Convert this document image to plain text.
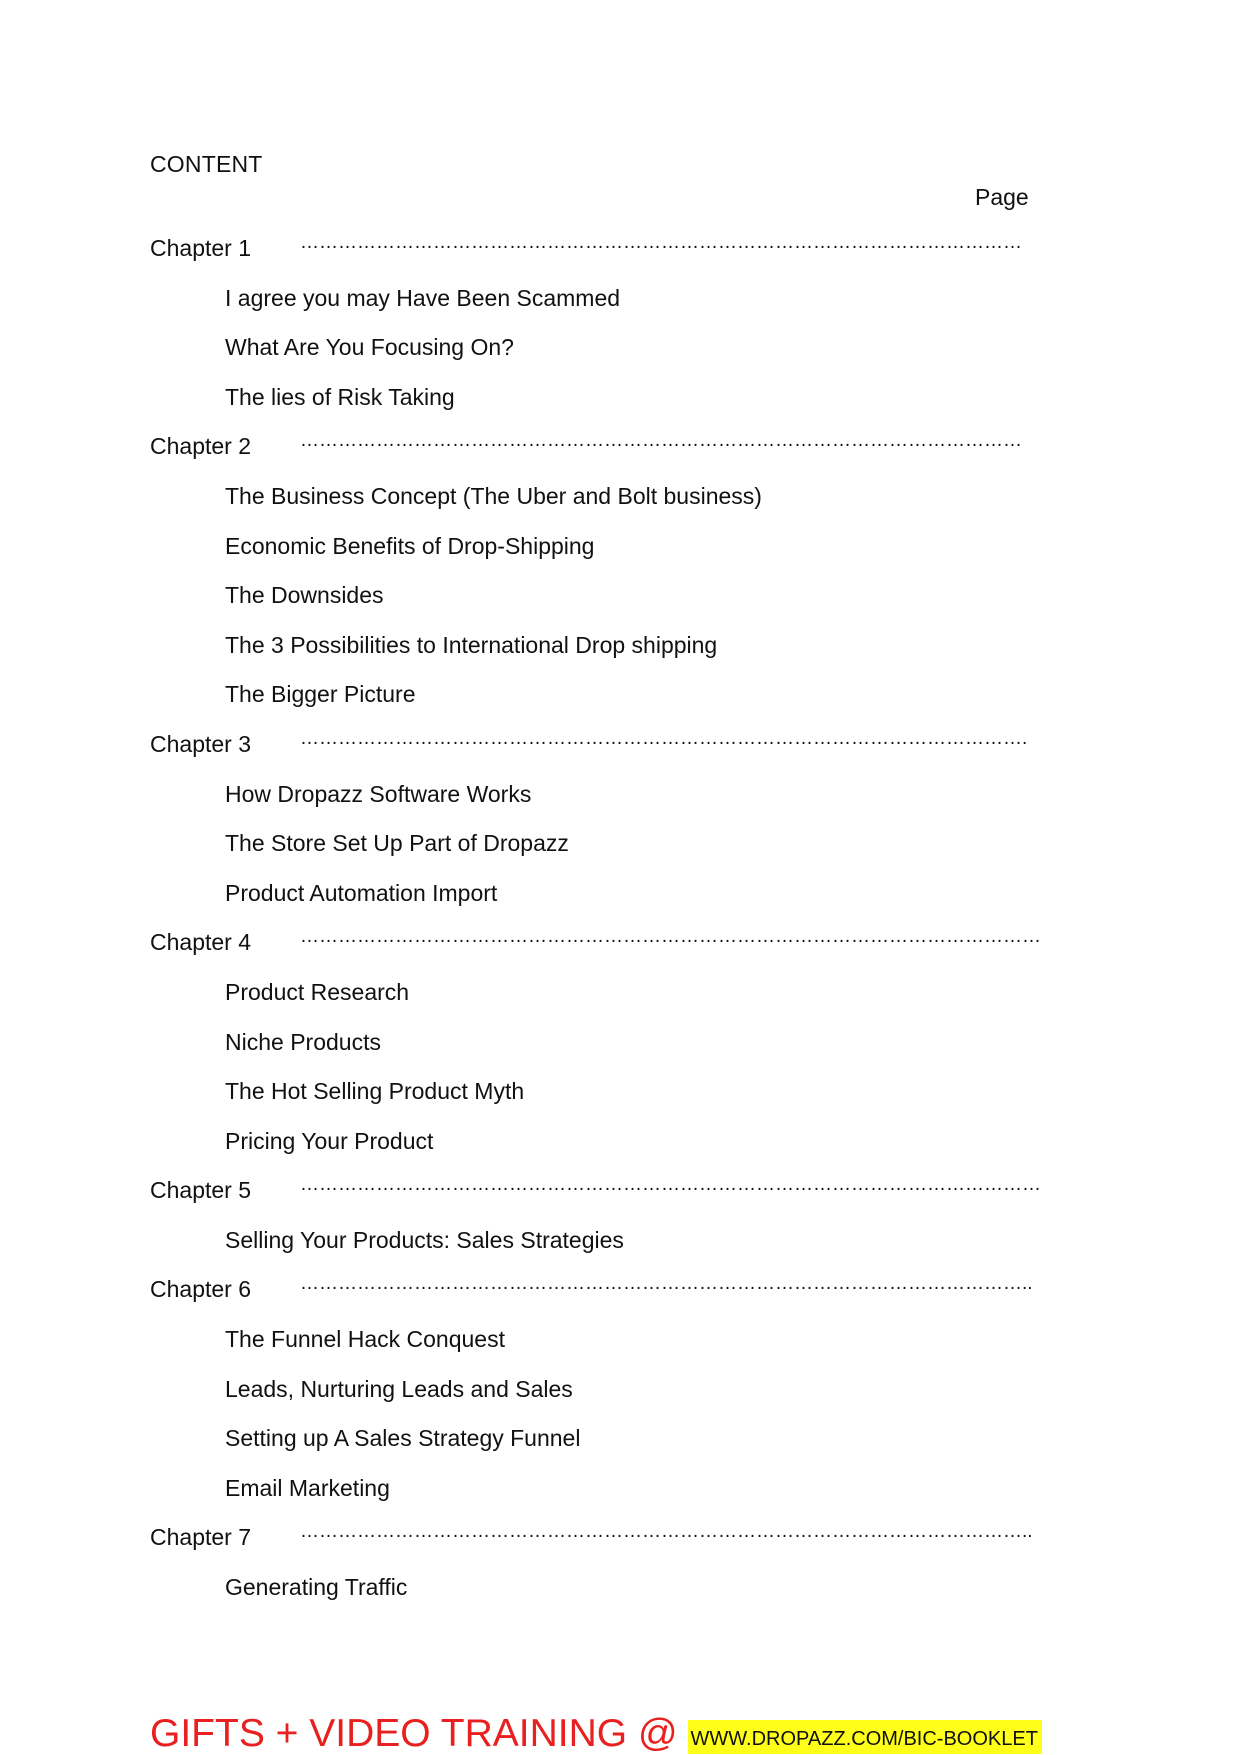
CONTENT
Page
Chapter 1	……………………………………………………………………………………………………
I agree you may Have Been Scammed
What Are You Focusing On?
The lies of Risk Taking
Chapter 2	……………………………………………………………………………………………………
The Business Concept (The Uber and Bolt business)
Economic Benefits of Drop-Shipping
The Downsides
The 3 Possibilities to International Drop shipping
The Bigger Picture
Chapter 3	…………………………………………………………………………………………………….
How Dropazz Software Works
The Store Set Up Part of Dropazz
Product Automation Import
Chapter 4	………………………………………………………………………………………………………
Product Research
Niche Products
The Hot Selling Product Myth
Pricing Your Product
Chapter 5	………………………………………………………………………………………………………
Selling Your Products: Sales Strategies
Chapter 6	……………………………………………………………………………………………………..
The Funnel Hack Conquest
Leads, Nurturing Leads and Sales
Setting up A Sales Strategy Funnel
Email Marketing
Chapter 7	……………………………………………………………………………………………………..
Generating Traffic
GIFTS + VIDEO TRAINING @ WWW.DROPAZZ.COM/BIC-BOOKLET
